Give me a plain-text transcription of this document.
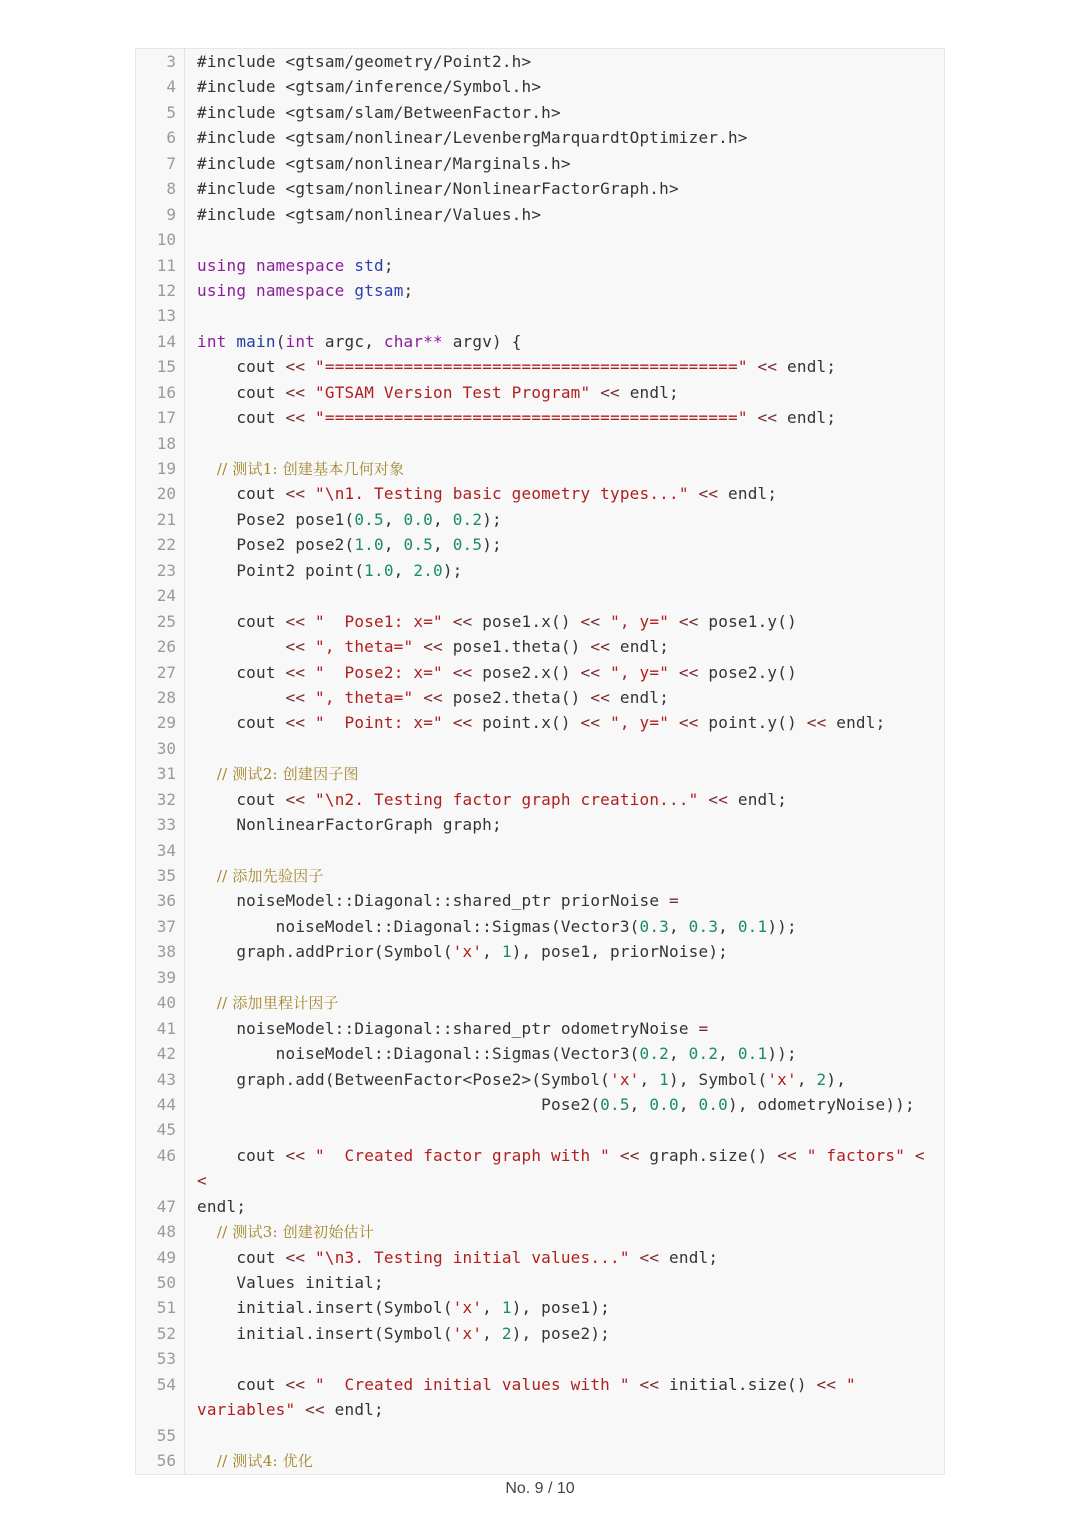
3 #include <gtsam/geometry/Point2.h>
4 #include <gtsam/inference/Symbol.h>
5 #include <gtsam/slam/BetweenFactor.h>
6 #include <gtsam/nonlinear/LevenbergMarquardtOptimizer.h>
7 #include <gtsam/nonlinear/Marginals.h>
8 #include <gtsam/nonlinear/NonlinearFactorGraph.h>
9 #include <gtsam/nonlinear/Values.h>
10
11 using namespace std;
12 using namespace gtsam;
13
14 int main(int argc, char** argv) {
15 cout << "==========================================" << endl;
16 cout << "GTSAM Version Test Program" << endl;
17 cout << "==========================================" << endl;
18
19 // 测试1: 创建基本几何对象
20 cout << "\n1. Testing basic geometry types..." << endl;
21 Pose2 pose1(0.5, 0.0, 0.2);
22 Pose2 pose2(1.0, 0.5, 0.5);
23 Point2 point(1.0, 2.0);
24
25 cout << "  Pose1: x=" << pose1.x() << ", y=" << pose1.y()
26	<< ", theta=" << pose1.theta() << endl;
27 cout << "  Pose2: x=" << pose2.x() << ", y=" << pose2.y()
28	<< ", theta=" << pose2.theta() << endl;
29 cout << "  Point: x=" << point.x() << ", y=" << point.y() << endl;
30
31 // 测试2: 创建因子图
32 cout << "\n2. Testing factor graph creation..." << endl;
33 NonlinearFactorGraph graph;
34
35 // 添加先验因子
36 noiseModel::Diagonal::shared_ptr priorNoise =
37 noiseModel::Diagonal::Sigmas(Vector3(0.3, 0.3, 0.1));
38 graph.addPrior(Symbol('x', 1), pose1, priorNoise);
39
40 // 添加里程计因子
41 noiseModel::Diagonal::shared_ptr odometryNoise =
42 noiseModel::Diagonal::Sigmas(Vector3(0.2, 0.2, 0.1));
43 graph.add(BetweenFactor<Pose2>(Symbol('x', 1), Symbol('x', 2),
44 Pose2(0.5, 0.0, 0.0), odometryNoise));
45
46 cout << "  Created factor graph with " << graph.size() << " factors" <<
endl;
47
48 // 测试3: 创建初始估计
49 cout << "\n3. Testing initial values..." << endl;
50 Values initial;
51 initial.insert(Symbol('x', 1), pose1);
52 initial.insert(Symbol('x', 2), pose2);
53
54 cout << "  Created initial values with " << initial.size() << "
variables" << endl;
55
56 // 测试4: 优化
No. 9 / 10
